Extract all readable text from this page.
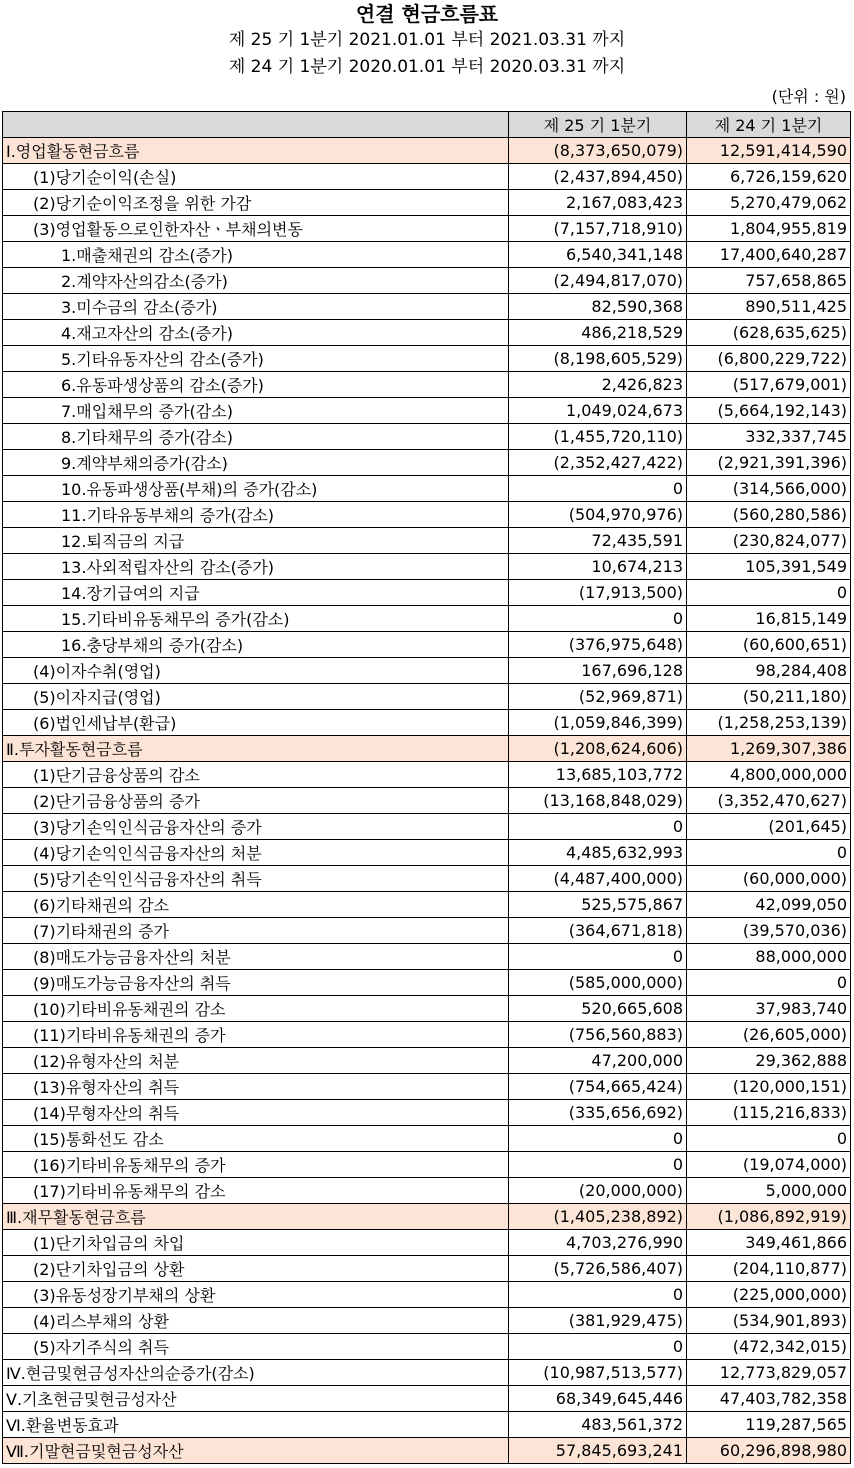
연결 현금흐름표
제 25 기 1분기 2021.01.01 부터 2021.03.31 까지
제 24 기 1분기 2020.01.01 부터 2020.03.31 까지
(단위 : 원)
	제 25 기 1분기	제 24 기 1분기
Ⅰ.영업활동현금흐름	(8,373,650,079)	12,591,414,590
(1)당기순이익(손실)	(2,437,894,450)	6,726,159,620
(2)당기순이익조정을 위한 가감	2,167,083,423	5,270,479,062
(3)영업활동으로인한자산ㆍ부채의변동	(7,157,718,910)	1,804,955,819
1.매출채권의 감소(증가)	6,540,341,148	17,400,640,287
2.계약자산의감소(증가)	(2,494,817,070)	757,658,865
3.미수금의 감소(증가)	82,590,368	890,511,425
4.재고자산의 감소(증가)	486,218,529	(628,635,625)
5.기타유동자산의 감소(증가)	(8,198,605,529)	(6,800,229,722)
6.유동파생상품의 감소(증가)	2,426,823	(517,679,001)
7.매입채무의 증가(감소)	1,049,024,673	(5,664,192,143)
8.기타채무의 증가(감소)	(1,455,720,110)	332,337,745
9.계약부채의증가(감소)	(2,352,427,422)	(2,921,391,396)
10.유동파생상품(부채)의 증가(감소)	0	(314,566,000)
11.기타유동부채의 증가(감소)	(504,970,976)	(560,280,586)
12.퇴직금의 지급	72,435,591	(230,824,077)
13.사외적립자산의 감소(증가)	10,674,213	105,391,549
14.장기급여의 지급	(17,913,500)	0
15.기타비유동채무의 증가(감소)	0	16,815,149
16.충당부채의 증가(감소)	(376,975,648)	(60,600,651)
(4)이자수취(영업)	167,696,128	98,284,408
(5)이자지급(영업)	(52,969,871)	(50,211,180)
(6)법인세납부(환급)	(1,059,846,399)	(1,258,253,139)
Ⅱ.투자활동현금흐름	(1,208,624,606)	1,269,307,386
(1)단기금융상품의 감소	13,685,103,772	4,800,000,000
(2)단기금융상품의 증가	(13,168,848,029)	(3,352,470,627)
(3)당기손익인식금융자산의 증가	0	(201,645)
(4)당기손익인식금융자산의 처분	4,485,632,993	0
(5)당기손익인식금융자산의 취득	(4,487,400,000)	(60,000,000)
(6)기타채권의 감소	525,575,867	42,099,050
(7)기타채권의 증가	(364,671,818)	(39,570,036)
(8)매도가능금융자산의 처분	0	88,000,000
(9)매도가능금융자산의 취득	(585,000,000)	0
(10)기타비유동채권의 감소	520,665,608	37,983,740
(11)기타비유동채권의 증가	(756,560,883)	(26,605,000)
(12)유형자산의 처분	47,200,000	29,362,888
(13)유형자산의 취득	(754,665,424)	(120,000,151)
(14)무형자산의 취득	(335,656,692)	(115,216,833)
(15)통화선도 감소	0	0
(16)기타비유동채무의 증가	0	(19,074,000)
(17)기타비유동채무의 감소	(20,000,000)	5,000,000
Ⅲ.재무활동현금흐름	(1,405,238,892)	(1,086,892,919)
(1)단기차입금의 차입	4,703,276,990	349,461,866
(2)단기차입금의 상환	(5,726,586,407)	(204,110,877)
(3)유동성장기부채의 상환	0	(225,000,000)
(4)리스부채의 상환	(381,929,475)	(534,901,893)
(5)자기주식의 취득	0	(472,342,015)
Ⅳ.현금및현금성자산의순증가(감소)	(10,987,513,577)	12,773,829,057
Ⅴ.기초현금및현금성자산	68,349,645,446	47,403,782,358
Ⅵ.환율변동효과	483,561,372	119,287,565
Ⅶ.기말현금및현금성자산	57,845,693,241	60,296,898,980
